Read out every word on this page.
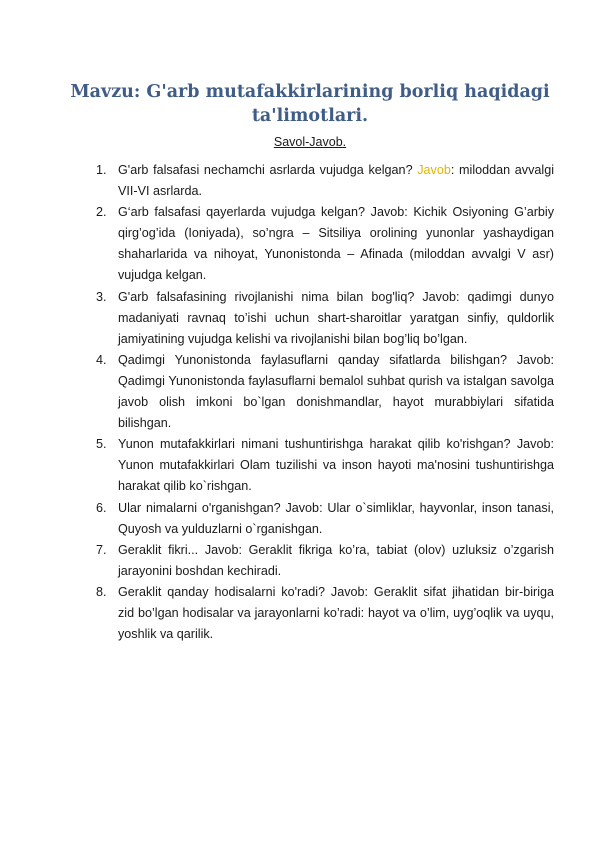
Mavzu: G'arb mutafakkirlarining borliq haqidagi ta'limotlari.
Savol-Javob.
1. G'arb falsafasi nechamchi asrlarda vujudga kelgan? Javob: miloddan avvalgi VII-VI asrlarda.
2. G‘arb falsafasi qayerlarda vujudga kelgan? Javob: Kichik Osiyoning G’arbiy qirg’og’ida (Ioniyada), so’ngra – Sitsiliya orolining yunonlar yashaydigan shaharlarida va nihoyat, Yunonistonda – Afinada (miloddan avvalgi V asr) vujudga kelgan.
3. G'arb falsafasining rivojlanishi nima bilan bog'liq? Javob: qadimgi dunyo madaniyati ravnaq to’ishi uchun shart-sharoitlar yaratgan sinfiy, quldorlik jamiyatining vujudga kelishi va rivojlanishi bilan bog’liq bo’lgan.
4. Qadimgi Yunonistonda faylasuflarni qanday sifatlarda bilishgan? Javob: Qadimgi Yunonistonda faylasuflarni bemalol suhbat qurish va istalgan savolga javob olish imkoni bo`lgan donishmandlar, hayot murabbiylari sifatida bilishgan.
5. Yunon mutafakkirlari nimani tushuntirishga harakat qilib ko'rishgan? Javob: Yunon mutafakkirlari Olam tuzilishi va inson hayoti ma'nosini tushuntirishga harakat qilib ko`rishgan.
6. Ular nimalarni o'rganishgan? Javob: Ular o`simliklar, hayvonlar, inson tanasi, Quyosh va yulduzlarni o`rganishgan.
7. Geraklit fikri... Javob: Geraklit fikriga ko’ra, tabiat (olov) uzluksiz o’zgarish jarayonini boshdan kechiradi.
8. Geraklit qanday hodisalarni ko'radi? Javob: Geraklit sifat jihatidan bir-biriga zid bo’lgan hodisalar va jarayonlarni ko’radi: hayot va o’lim, uyg’oqlik va uyqu, yoshlik va qarilik.
